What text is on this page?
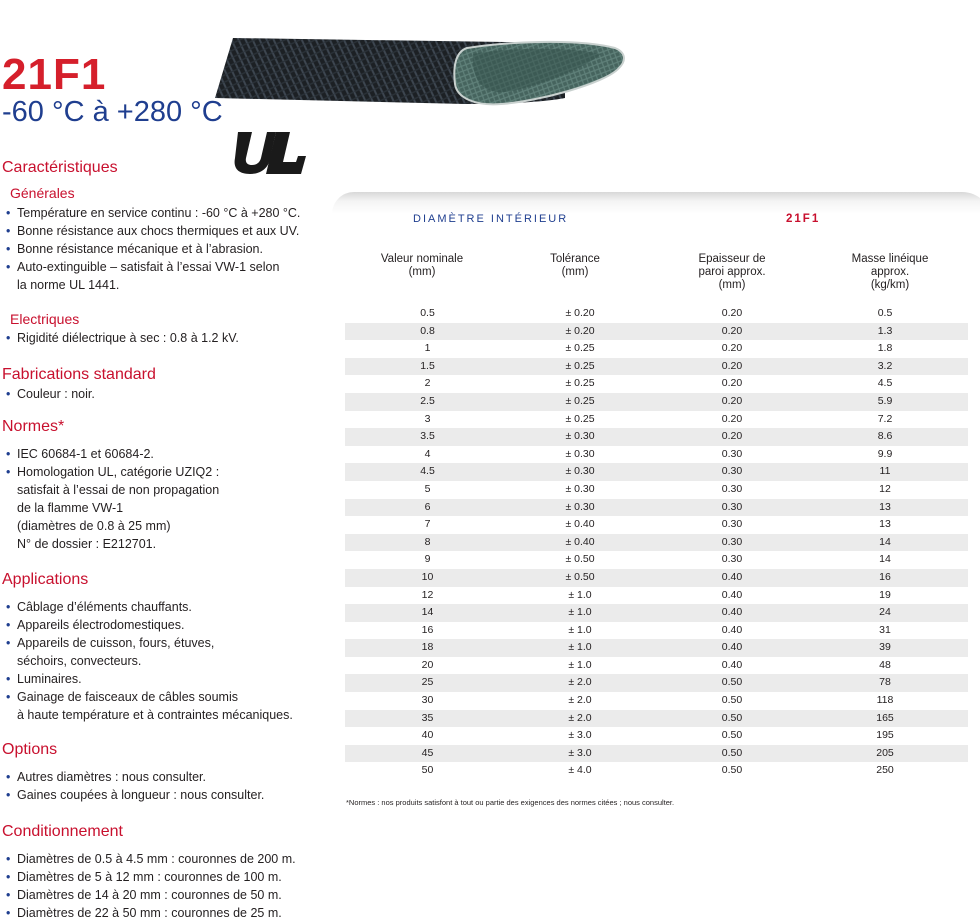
21F1
-60 °C à +280 °C
Caractéristiques
Générales
• Température en service continu : -60 °C à +280 °C.
• Bonne résistance aux chocs thermiques et aux UV.
• Bonne résistance mécanique et à l’abrasion.
• Auto-extinguible – satisfait à l’essai VW-1 selon
la norme UL 1441.
Electriques
• Rigidité diélectrique à sec : 0.8 à 1.2 kV.
Fabrications standard
• Couleur : noir.
Normes*
• IEC 60684-1 et 60684-2.
• Homologation UL, catégorie UZIQ2 :
satisfait à l’essai de non propagation
de la flamme VW-1
(diamètres de 0.8 à 25 mm)
N° de dossier : E212701.
Applications
• Câblage d’éléments chauffants.
• Appareils électrodomestiques.
• Appareils de cuisson, fours, étuves,
séchoirs, convecteurs.
• Luminaires.
• Gainage de faisceaux de câbles soumis
à haute température et à contraintes mécaniques.
Options
• Autres diamètres : nous consulter.
• Gaines coupées à longueur : nous consulter.
Conditionnement
• Diamètres de 0.5 à 4.5 mm : couronnes de 200 m.
• Diamètres de 5 à 12 mm : couronnes de 100 m.
• Diamètres de 14 à 20 mm : couronnes de 50 m.
• Diamètres de 22 à 50 mm : couronnes de 25 m.
DIAMÈTRE INTÉRIEUR	21F1
Valeur nominale
(mm)
Tolérance
(mm)
Epaisseur de
paroi approx.
(mm)
Masse linéique
approx.
(kg/km)
0.5	± 0.20	0.20	0.5
0.8	± 0.20	0.20	1.3
1	± 0.25	0.20	1.8
1.5	± 0.25	0.20	3.2
2	± 0.25	0.20	4.5
2.5	± 0.25	0.20	5.9
3	± 0.25	0.20	7.2
3.5	± 0.30	0.20	8.6
4	± 0.30	0.30	9.9
4.5	± 0.30	0.30	11
5	± 0.30	0.30	12
6	± 0.30	0.30	13
7	± 0.40	0.30	13
8	± 0.40	0.30	14
9	± 0.50	0.30	14
10	± 0.50	0.40	16
12	± 1.0	0.40	19
14	± 1.0	0.40	24
16	± 1.0	0.40	31
18	± 1.0	0.40	39
20	± 1.0	0.40	48
25	± 2.0	0.50	78
30	± 2.0	0.50	118
35	± 2.0	0.50	165
40	± 3.0	0.50	195
45	± 3.0	0.50	205
50	± 4.0	0.50	250
*Normes : nos produits satisfont à tout ou partie des exigences des normes citées ; nous consulter.
